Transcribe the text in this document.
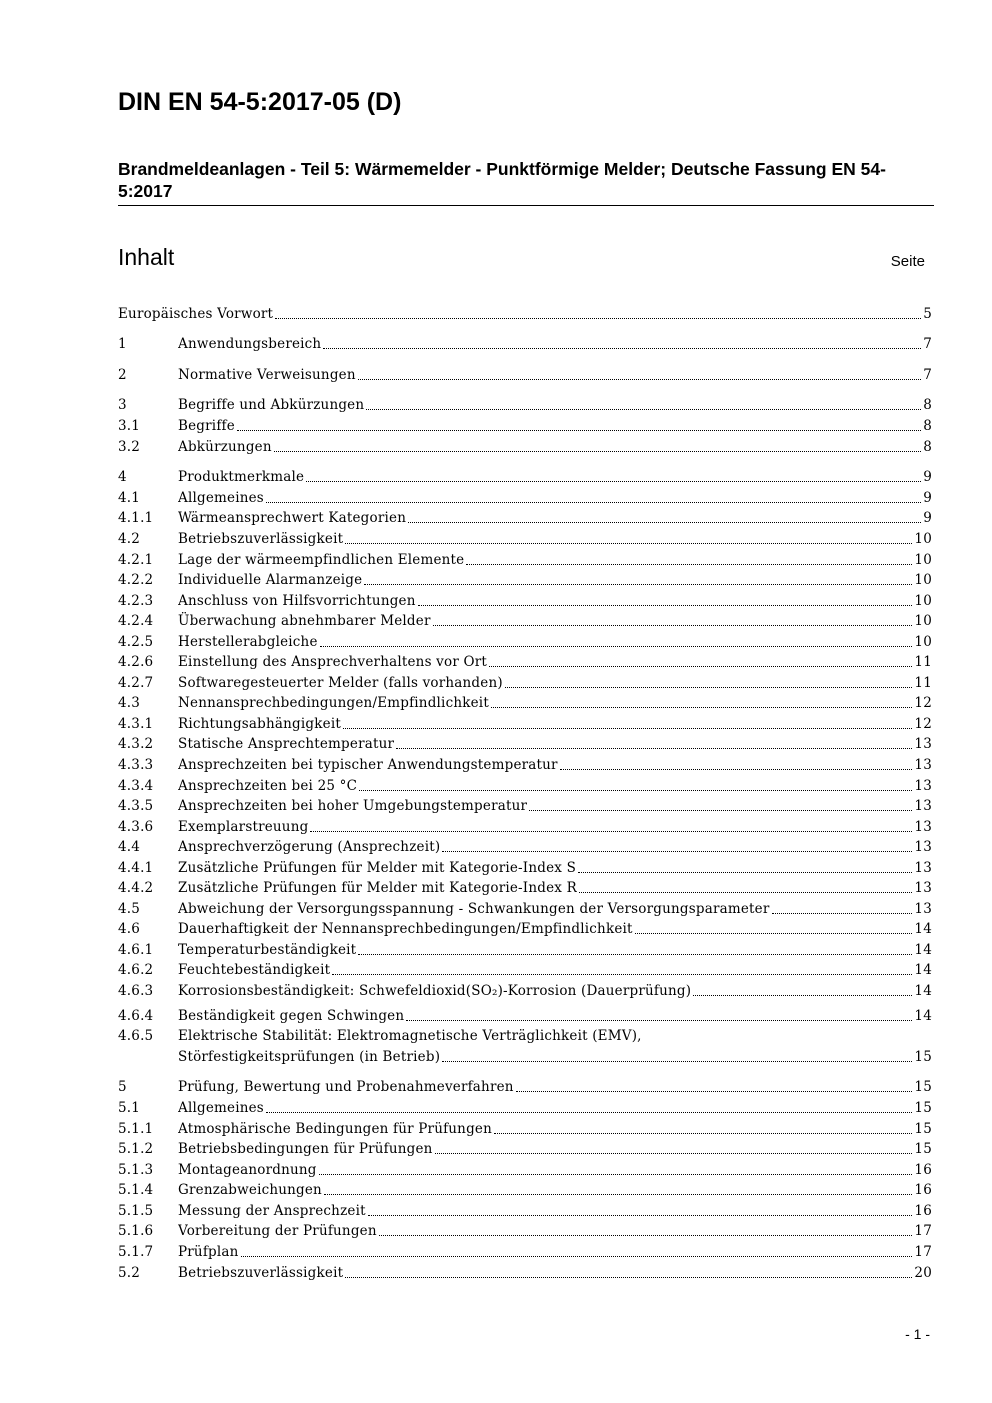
DIN EN 54-5:2017-05 (D)

Brandmeldeanlagen - Teil 5: Wärmemelder - Punktförmige Melder; Deutsche Fassung EN 54-5:2017

Inhalt	Seite
Europäisches Vorwort	5
1	Anwendungsbereich	7
2	Normative Verweisungen	7
3	Begriffe und Abkürzungen	8
3.1	Begriffe	8
3.2	Abkürzungen	8
4	Produktmerkmale	9
4.1	Allgemeines	9
4.1.1	Wärmeansprechwert Kategorien	9
4.2	Betriebszuverlässigkeit	10
4.2.1	Lage der wärmeempfindlichen Elemente	10
4.2.2	Individuelle Alarmanzeige	10
4.2.3	Anschluss von Hilfsvorrichtungen	10
4.2.4	Überwachung abnehmbarer Melder	10
4.2.5	Herstellerabgleiche	10
4.2.6	Einstellung des Ansprechverhaltens vor Ort	11
4.2.7	Softwaregesteuerter Melder (falls vorhanden)	11
4.3	Nennansprechbedingungen/Empfindlichkeit	12
4.3.1	Richtungsabhängigkeit	12
4.3.2	Statische Ansprechtemperatur	13
4.3.3	Ansprechzeiten bei typischer Anwendungstemperatur	13
4.3.4	Ansprechzeiten bei 25 °C	13
4.3.5	Ansprechzeiten bei hoher Umgebungstemperatur	13
4.3.6	Exemplarstreuung	13
4.4	Ansprechverzögerung (Ansprechzeit)	13
4.4.1	Zusätzliche Prüfungen für Melder mit Kategorie-Index S	13
4.4.2	Zusätzliche Prüfungen für Melder mit Kategorie-Index R	13
4.5	Abweichung der Versorgungsspannung - Schwankungen der Versorgungsparameter	13
4.6	Dauerhaftigkeit der Nennansprechbedingungen/Empfindlichkeit	14
4.6.1	Temperaturbeständigkeit	14
4.6.2	Feuchtebeständigkeit	14
4.6.3	Korrosionsbeständigkeit: Schwefeldioxid(SO₂)-Korrosion (Dauerprüfung)	14
4.6.4	Beständigkeit gegen Schwingen	14
4.6.5	Elektrische Stabilität: Elektromagnetische Verträglichkeit (EMV),
Störfestigkeitsprüfungen (in Betrieb)	15
5	Prüfung, Bewertung und Probenahmeverfahren	15
5.1	Allgemeines	15
5.1.1	Atmosphärische Bedingungen für Prüfungen	15
5.1.2	Betriebsbedingungen für Prüfungen	15
5.1.3	Montageanordnung	16
5.1.4	Grenzabweichungen	16
5.1.5	Messung der Ansprechzeit	16
5.1.6	Vorbereitung der Prüfungen	17
5.1.7	Prüfplan	17
5.2	Betriebszuverlässigkeit	20
- 1 -
